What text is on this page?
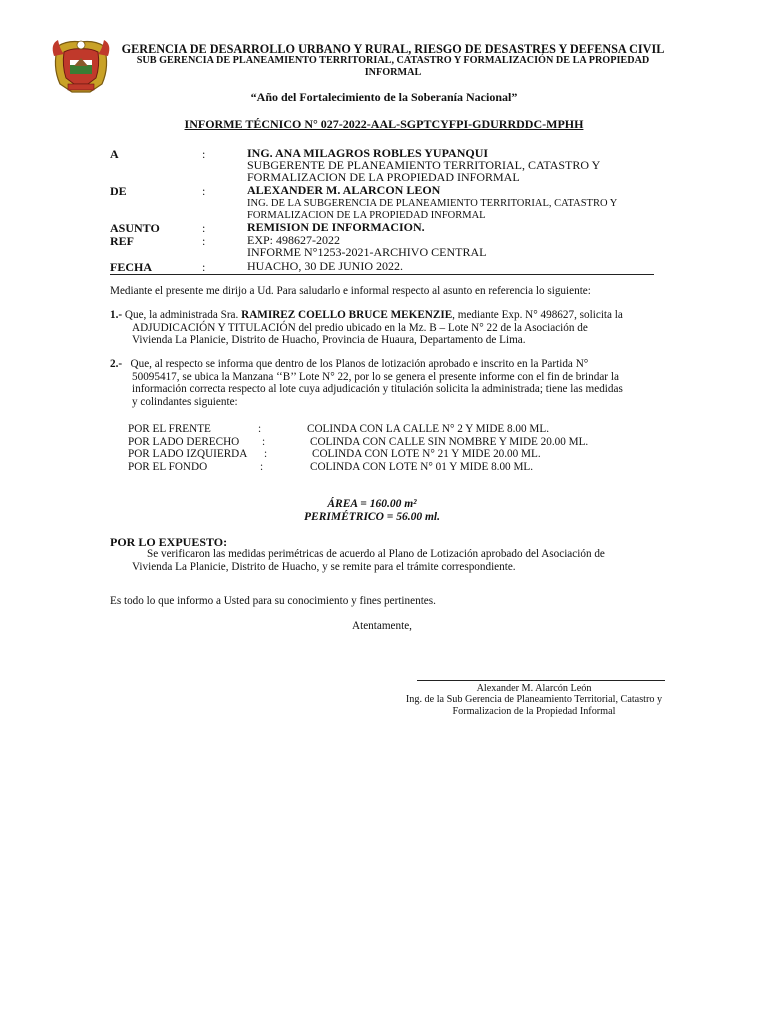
GERENCIA DE DESARROLLO URBANO Y RURAL, RIESGO DE DESASTRES Y DEFENSA CIVIL
SUB GERENCIA DE PLANEAMIENTO TERRITORIAL, CATASTRO Y FORMALIZACIÓN DE LA PROPIEDAD
INFORMAL
“Año del Fortalecimiento de la Soberanía Nacional”
INFORME TÉCNICO N° 027-2022-AAL-SGPTCYFPI-GDURRDDC-MPHH
A	:	ING. ANA MILAGROS ROBLES YUPANQUI
SUBGERENTE DE PLANEAMIENTO TERRITORIAL, CATASTRO Y
FORMALIZACION DE LA PROPIEDAD INFORMAL
DE	:	ALEXANDER M. ALARCON LEON
ING. DE LA SUBGERENCIA DE PLANEAMIENTO TERRITORIAL, CATASTRO Y
FORMALIZACION DE LA PROPIEDAD INFORMAL
ASUNTO	:	REMISION DE INFORMACION.
REF	:	EXP: 498627-2022
INFORME N°1253-2021-ARCHIVO CENTRAL
FECHA	:	HUACHO, 30 DE JUNIO 2022.
Mediante el presente me dirijo a Ud. Para saludarlo e informal respecto al asunto en referencia lo siguiente:
1.- Que, la administrada Sra. RAMIREZ COELLO BRUCE MEKENZIE, mediante Exp. N° 498627, solicita la
ADJUDICACIÓN Y TITULACIÓN del predio ubicado en la Mz. B – Lote N° 22 de la Asociación de
Vivienda La Planicie, Distrito de Huacho, Provincia de Huaura, Departamento de Lima.
2.- Que, al respecto se informa que dentro de los Planos de lotización aprobado e inscrito en la Partida N°
50095417, se ubica la Manzana ‘‘B’’ Lote N° 22, por lo se genera el presente informe con el fin de brindar la
información correcta respecto al lote cuya adjudicación y titulación solicita la administrada; tiene las medidas
y colindantes siguiente:
POR EL FRENTE	:	COLINDA CON LA CALLE N° 2 Y MIDE 8.00 ML.
POR LADO DERECHO :	COLINDA CON CALLE SIN NOMBRE Y MIDE 20.00 ML.
POR LADO IZQUIERDA :	COLINDA CON LOTE N° 21 Y MIDE 20.00 ML.
POR EL FONDO	:	COLINDA CON LOTE N° 01 Y MIDE 8.00 ML.
ÁREA = 160.00 m²
PERIMÉTRICO = 56.00 ml.
POR LO EXPUESTO:
Se verificaron las medidas perimétricas de acuerdo al Plano de Lotización aprobado del Asociación de
Vivienda La Planicie, Distrito de Huacho, y se remite para el trámite correspondiente.
Es todo lo que informo a Usted para su conocimiento y fines pertinentes.
Atentamente,
Alexander M. Alarcón León
Ing. de la Sub Gerencia de Planeamiento Territorial, Catastro y
Formalizacion de la Propiedad Informal
